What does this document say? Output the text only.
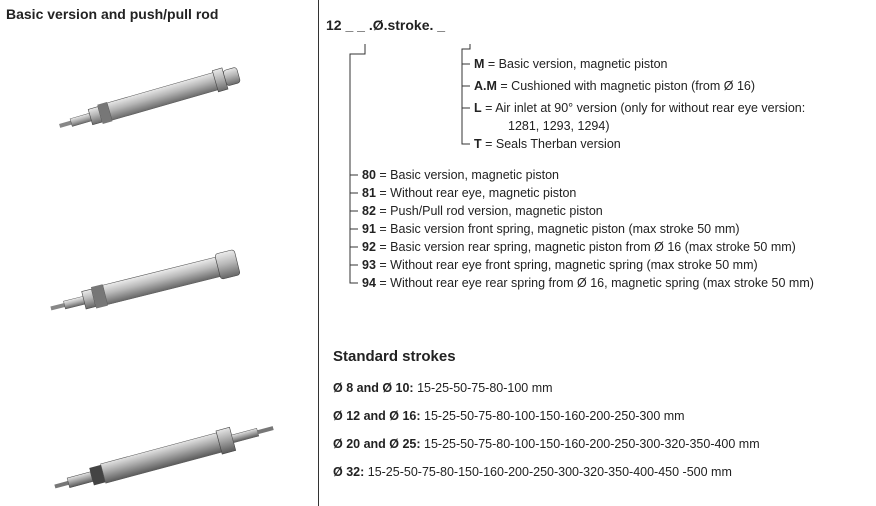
Basic version and push/pull rod
12 _ _ .Ø.stroke. _
M = Basic version, magnetic piston
A.M = Cushioned with magnetic piston (from Ø 16)
L = Air inlet at 90° version (only for without rear eye version:
1281, 1293, 1294)
T = Seals Therban version
80 = Basic version, magnetic piston
81 = Without rear eye, magnetic piston
82 = Push/Pull rod version, magnetic piston
91 = Basic version front spring, magnetic piston (max stroke 50 mm)
92 = Basic version rear spring, magnetic piston from Ø 16 (max stroke 50 mm)
93 = Without rear eye front spring, magnetic spring (max stroke 50 mm)
94 = Without rear eye rear spring from Ø 16, magnetic spring (max stroke 50 mm)
Standard strokes
Ø 8 and Ø 10: 15-25-50-75-80-100 mm
Ø 12 and Ø 16: 15-25-50-75-80-100-150-160-200-250-300 mm
Ø 20 and Ø 25: 15-25-50-75-80-100-150-160-200-250-300-320-350-400 mm
Ø 32: 15-25-50-75-80-150-160-200-250-300-320-350-400-450 -500 mm
